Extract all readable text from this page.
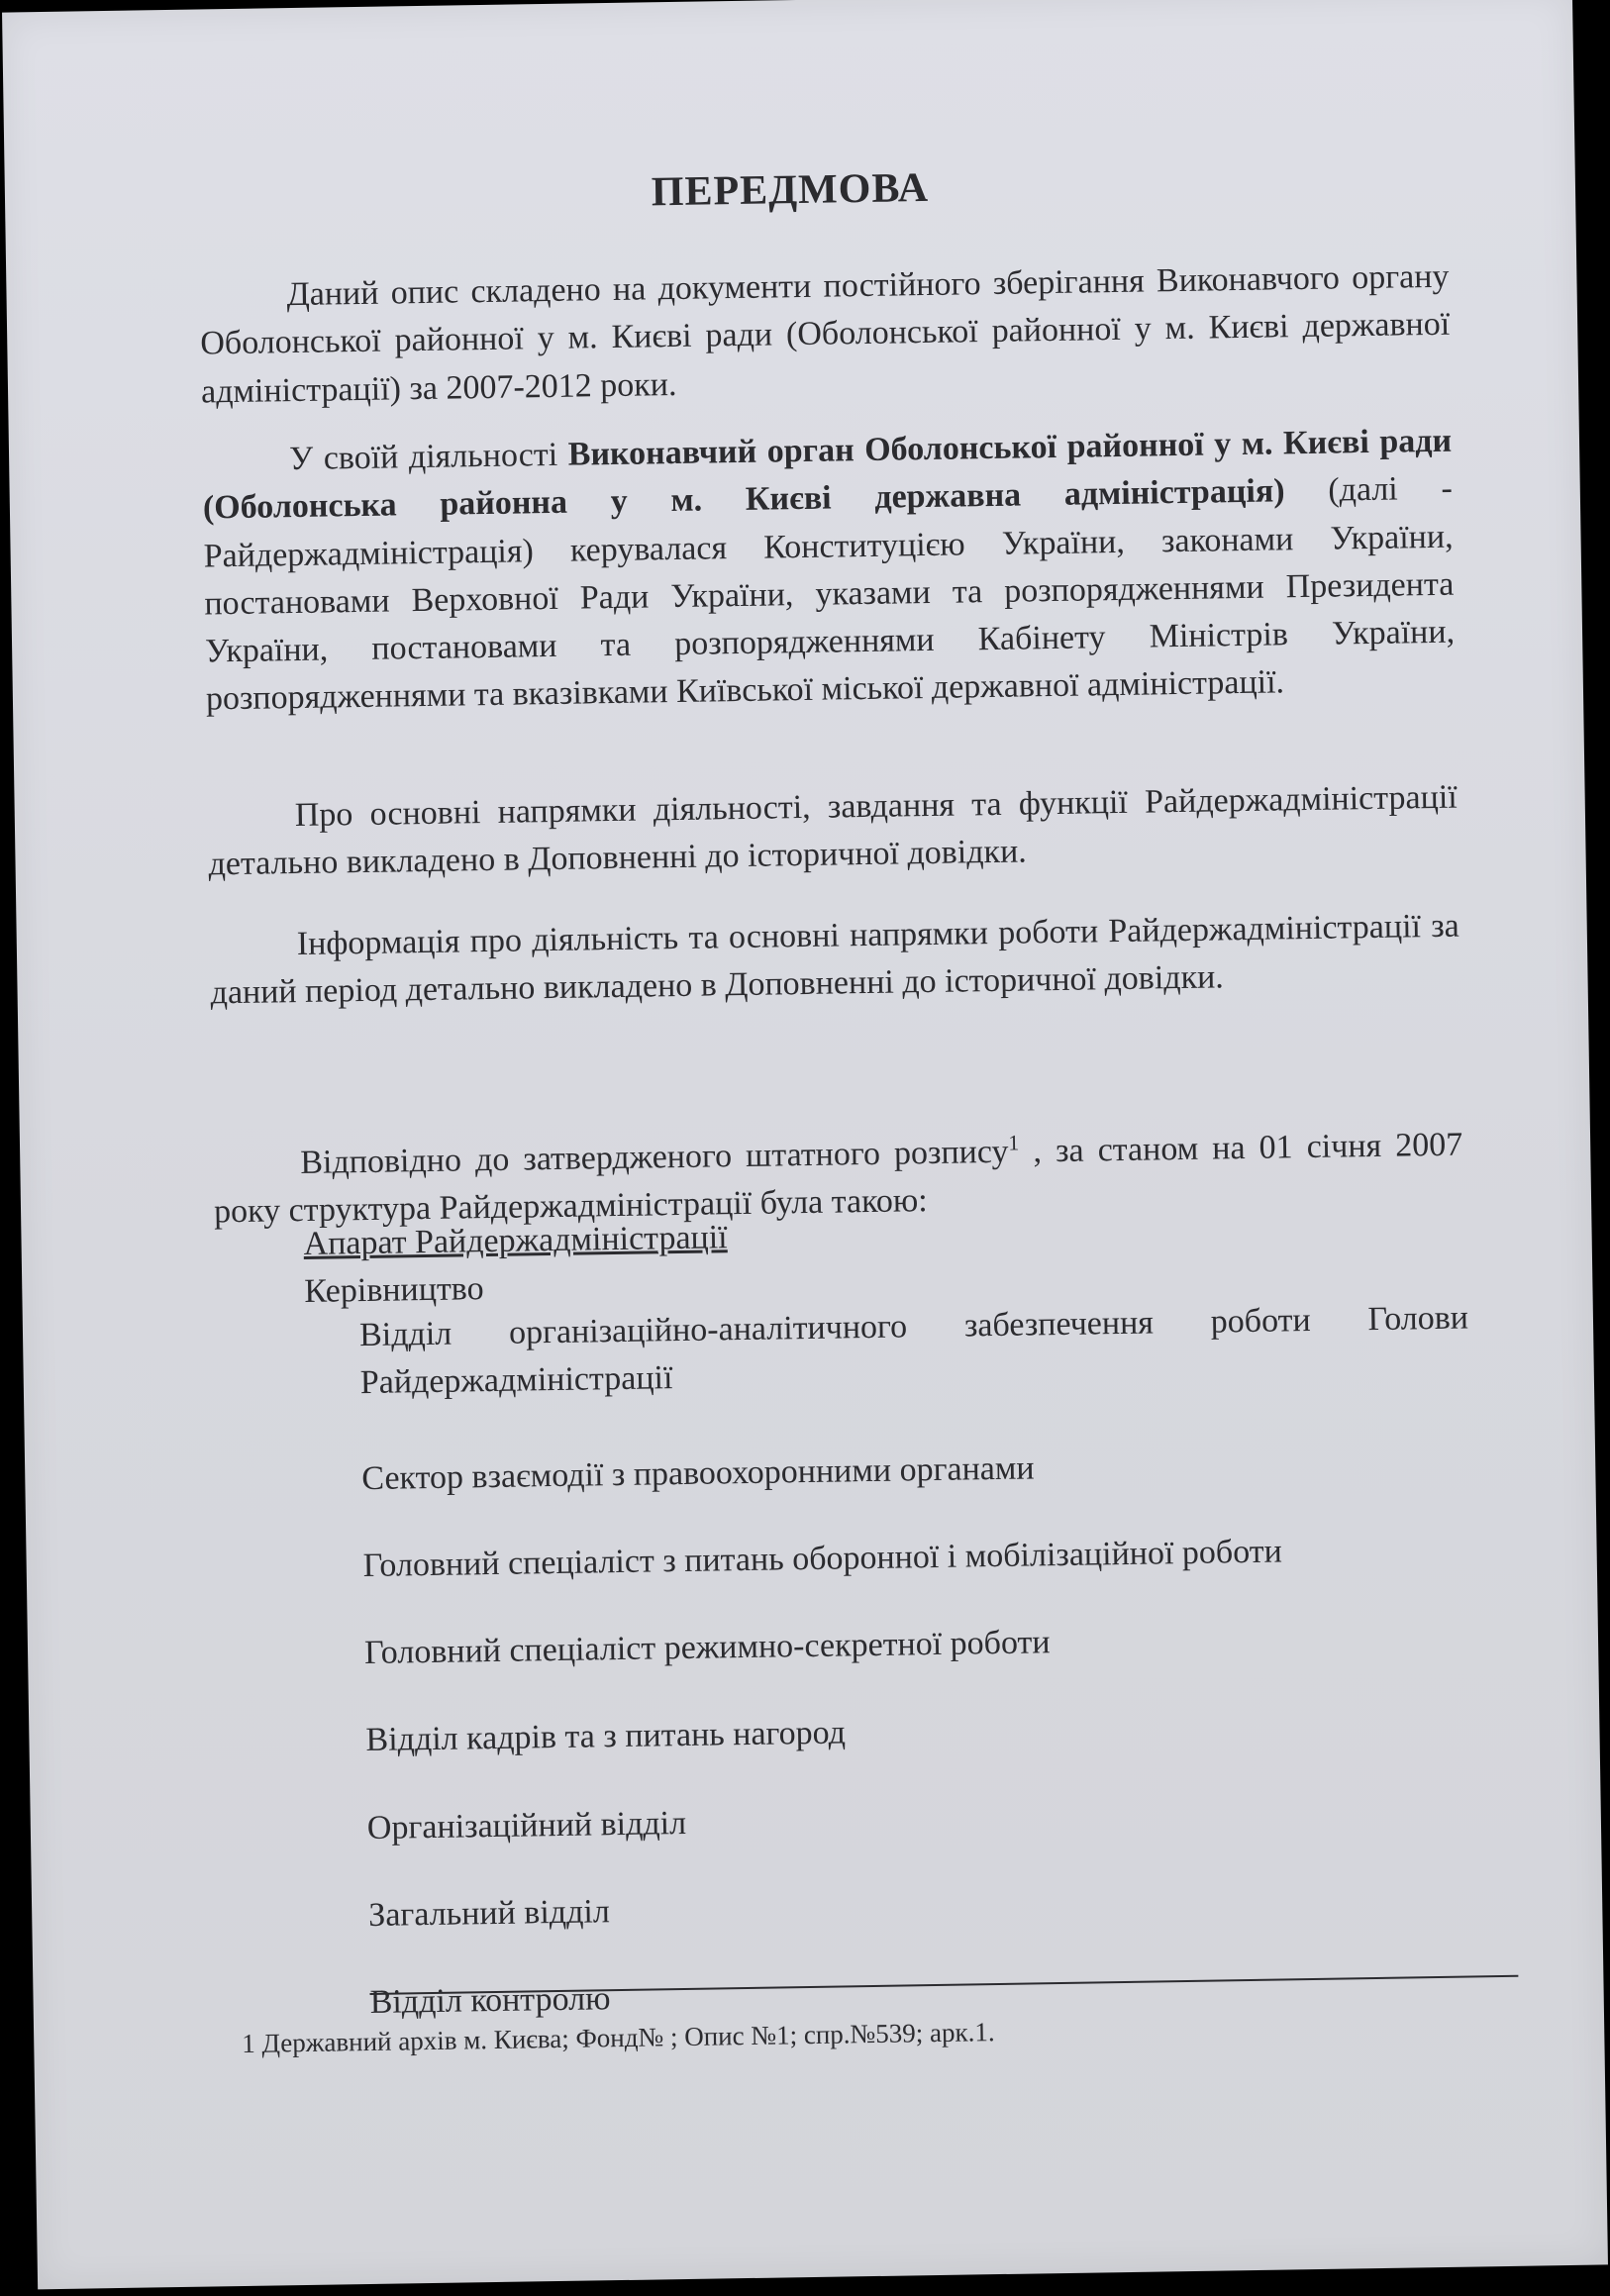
ПЕРЕДМОВА

Даний опис складено на документи постійного зберігання Виконавчого органу Оболонської районної у м. Києві ради (Оболонської районної у м. Києві державної адміністрації) за 2007-2012 роки.

У своїй діяльності Виконавчий орган Оболонської районної у м. Києві ради (Оболонська районна у м. Києві державна адміністрація) (далі - Райдержадміністрація) керувалася Конституцією України, законами України, постановами Верховної Ради України, указами та розпорядженнями Президента України, постановами та розпорядженнями Кабінету Міністрів України, розпорядженнями та вказівками Київської міської державної адміністрації.

Про основні напрямки діяльності, завдання та функції Райдержадміністрації детально викладено в Доповненні до історичної довідки.

Інформація про діяльність та основні напрямки роботи Райдержадміністрації за даний період детально викладено в Доповненні до історичної довідки.

Відповідно до затвердженого штатного розпису$^1$ , за станом на 01 січня 2007 року структура Райдержадміністрації була такою:

Апарат Райдержадміністрації

Керівництво

Відділ організаційно-аналітичного забезпечення роботи Голови Райдержадміністрації
Сектор взаємодії з правоохоронними органами
Головний спеціаліст з питань оборонної і мобілізаційної роботи
Головний спеціаліст режимно-секретної роботи
Відділ кадрів та з питань нагород
Організаційний відділ
Загальний відділ
Відділ контролю

1 Державний архів м. Києва; Фонд№ ; Опис №1; спр.№539; арк.1.
